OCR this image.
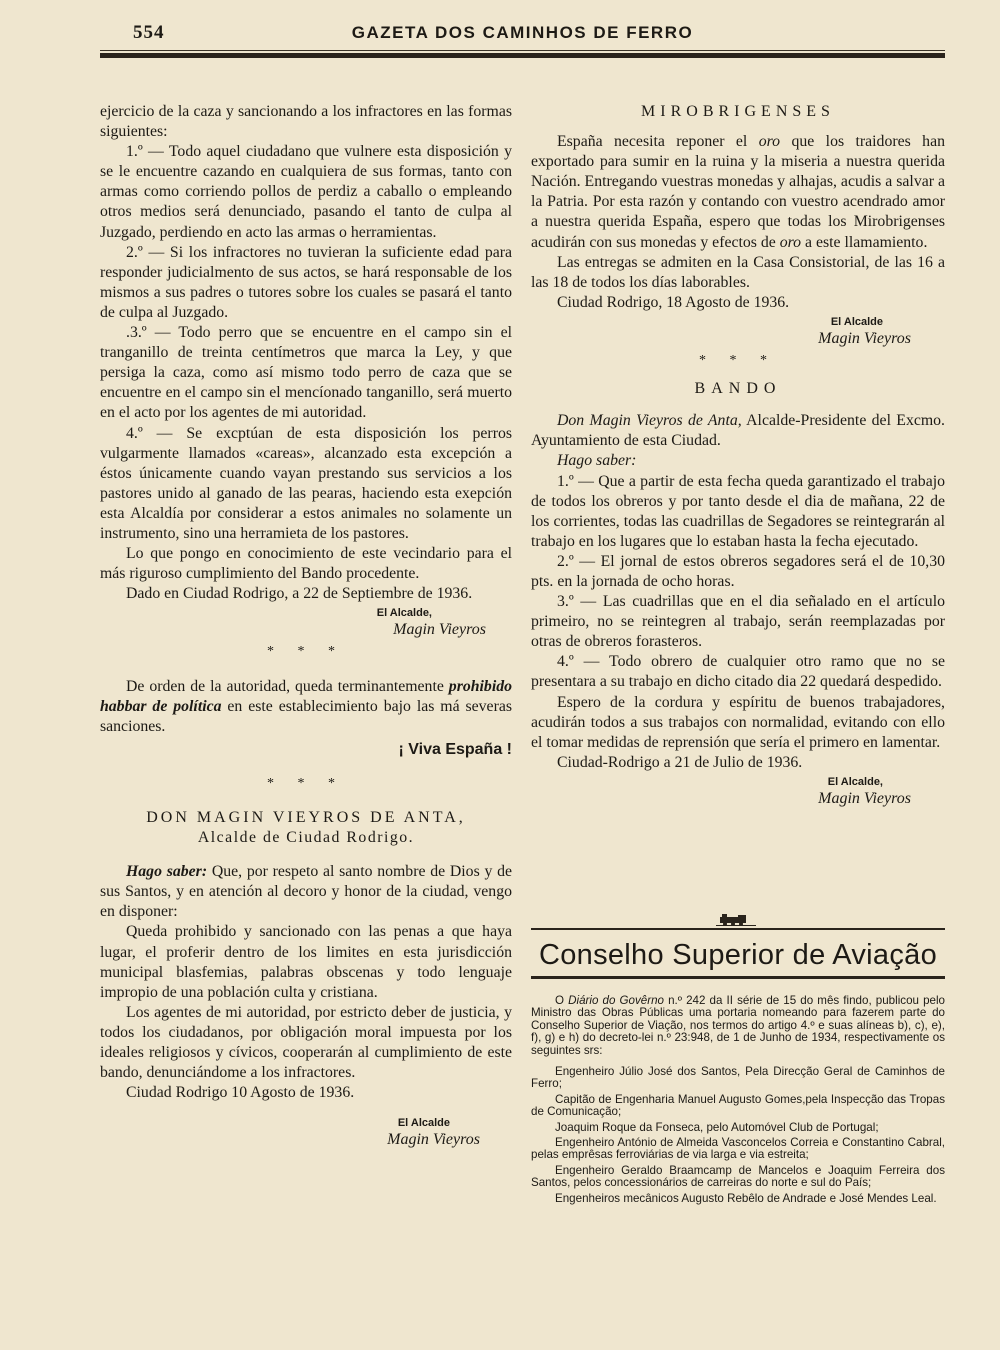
554	GAZETA DOS CAMINHOS DE FERRO

ejercicio de la caza y sancionando a los infractores en las formas siguientes:

1.º — Todo aquel ciudadano que vulnere esta disposición y se le encuentre cazando en cualquiera de sus formas, tanto con armas como corriendo pollos de perdiz a caballo o empleando otros medios será denunciado, pasando el tanto de culpa al Juzgado, perdiendo en acto las armas o herramientas.

2.º — Si los infractores no tuvieran la suficiente edad para responder judicialmento de sus actos, se hará responsable de los mismos a sus padres o tutores sobre los cuales se pasará el tanto de culpa al Juzgado.

.3.º — Todo perro que se encuentre en el campo sin el tranganillo de treinta centímetros que marca la Ley, y que persiga la caza, como así mismo todo perro de caza que se encuentre en el campo sin el mencíonado tanganillo, será muerto en el acto por los agentes de mi autoridad.

4.º — Se excptúan de esta disposición los perros vulgarmente llamados «careas», alcanzado esta excepción a éstos únicamente cuando vayan prestando sus servicios a los pastores unido al ganado de las pearas, haciendo esta exepción esta Alcaldía por considerar a estos animales no solamente un instrumento, sino una herramieta de los pastores.

Lo que pongo en conocimiento de este vecindario para el más riguroso cumplimiento del Bando procedente.

Dado en Ciudad Rodrigo, a 22 de Septiembre de 1936.

El Alcalde,
Magin Vieyros
* * *

De orden de la autoridad, queda terminantemente prohibido habbar de política en este establecimiento bajo las má severas sanciones.

¡ Viva España !
* * *
DON MAGIN VIEYROS DE ANTA,
Alcalde de Ciudad Rodrigo.

Hago saber: Que, por respeto al santo nombre de Dios y de sus Santos, y en atención al decoro y honor de la ciudad, vengo en disponer:

Queda prohibido y sancionado con las penas a que haya lugar, el proferir dentro de los limites en esta jurisdicción municipal blasfemias, palabras obscenas y todo lenguaje impropio de una población culta y cristiana.

Los agentes de mi autoridad, por estricto deber de justicia, y todos los ciudadanos, por obligación moral impuesta por los ideales religiosos y cívicos, cooperarán al cumplimiento de este bando, denunciándome a los infractores.

Ciudad Rodrigo 10 Agosto de 1936.

El Alcalde
Magin Vieyros
MIROBRIGENSES

España necesita reponer el oro que los traidores han exportado para sumir en la ruina y la miseria a nuestra querida Nación. Entregando vuestras monedas y alhajas, acudis a salvar a la Patria. Por esta razón y contando con vuestro acendrado amor a nuestra querida España, espero que todas los Mirobrigenses acudirán con sus monedas y efectos de oro a este llamamiento.

Las entregas se admiten en la Casa Consistorial, de las 16 a las 18 de todos los días laborables.

Ciudad Rodrigo, 18 Agosto de 1936.

El Alcalde
Magin Vieyros
* * *
BANDO

Don Magin Vieyros de Anta, Alcalde-Presidente del Excmo. Ayuntamiento de esta Ciudad.

Hago saber:

1.º — Que a partir de esta fecha queda garantizado el trabajo de todos los obreros y por tanto desde el dia de mañana, 22 de los corrientes, todas las cuadrillas de Segadores se reintegrarán al trabajo en los lugares que lo estaban hasta la fecha ejecutado.

2.º — El jornal de estos obreros segadores será el de 10,30 pts. en la jornada de ocho horas.

3.º — Las cuadrillas que en el dia señalado en el artículo primeiro, no se reintegren al trabajo, serán reemplazadas por otras de obreros forasteros.

4.º — Todo obrero de cualquier otro ramo que no se presentara a su trabajo en dicho citado dia 22 quedará despedido.

Espero de la cordura y espíritu de buenos trabajadores, acudirán todos a sus trabajos con normalidad, evitando con ello el tomar medidas de reprensión que sería el primero en lamentar.

Ciudad-Rodrigo a 21 de Julio de 1936.

El Alcalde,
Magin Vieyros
Conselho Superior de Aviação

O Diário do Govêrno n.º 242 da II série de 15 do mês findo, publicou pelo Ministro das Obras Públicas uma portaria nomeando para fazerem parte do Conselho Superior de Viação, nos termos do artigo 4.º e suas alíneas b), c), e), f), g) e h) do decreto-lei n.º 23:948, de 1 de Junho de 1934, respectivamente os seguintes srs:

Engenheiro Júlio José dos Santos, Pela Direcção Geral de Caminhos de Ferro;

Capitão de Engenharia Manuel Augusto Gomes,pela Inspecção das Tropas de Comunicação;

Joaquim Roque da Fonseca, pelo Automóvel Club de Portugal;

Engenheiro António de Almeida Vasconcelos Correia e Constantino Cabral, pelas emprêsas ferroviárias de via larga e via estreita;

Engenheiro Geraldo Braamcamp de Mancelos e Joaquim Ferreira dos Santos, pelos concessionários de carreiras do norte e sul do País;

Engenheiros mecânicos Augusto Rebêlo de Andrade e José Mendes Leal.
